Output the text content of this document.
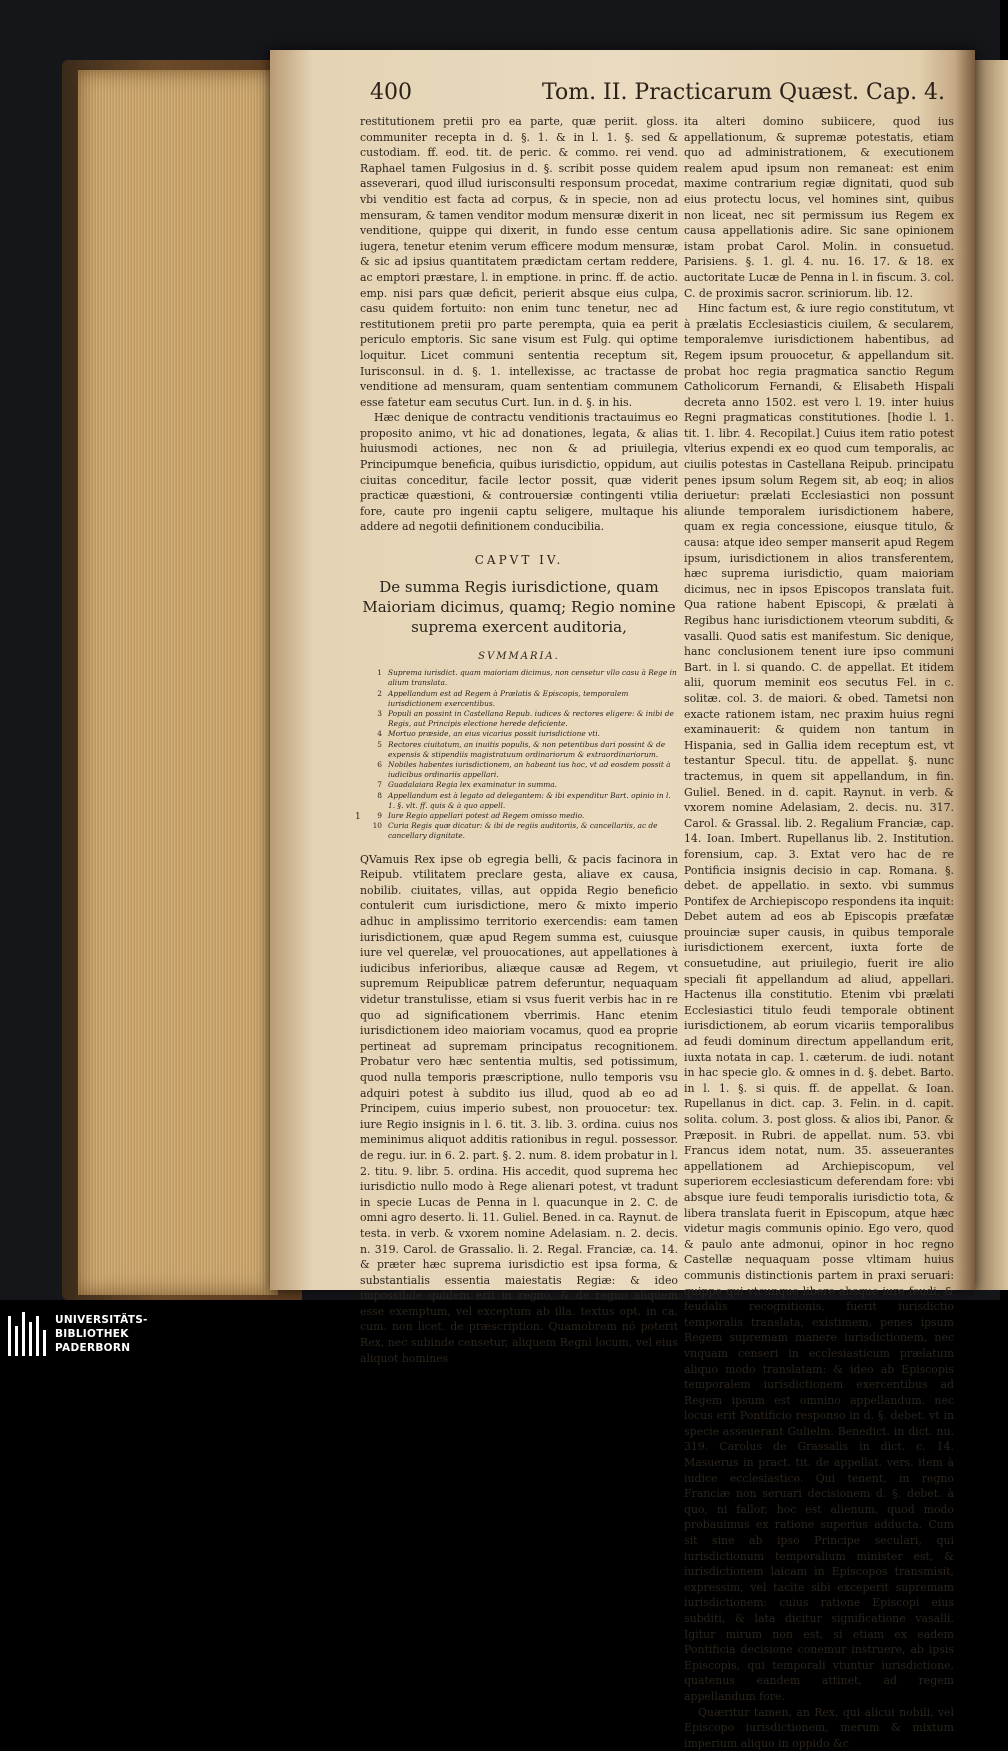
400	Tom. II. Practicarum Quæst. Cap. 4.

restitutionem pretii pro ea parte, quæ periit. gloss. communiter recepta in d. §. 1. & in l. 1. §. sed & custodiam. ff. eod. tit. de peric. & commo. rei vend. Raphael tamen Fulgosius in d. §. scribit posse quidem asseverari, quod illud iurisconsulti responsum procedat, vbi venditio est facta ad corpus, & in specie, non ad mensuram, & tamen venditor modum mensuræ dixerit in venditione, quippe qui dixerit, in fundo esse centum iugera, tenetur etenim verum efficere modum mensuræ, & sic ad ipsius quantitatem prædictam certam reddere, ac emptori præstare, l. in emptione. in princ. ff. de actio. emp. nisi pars quæ deficit, perierit absque eius culpa, casu quidem fortuito: non enim tunc tenetur, nec ad restitutionem pretii pro parte perempta, quia ea perit periculo emptoris. Sic sane visum est Fulg. qui optime loquitur. Licet communi sententia receptum sit, Iurisconsul. in d. §. 1. intellexisse, ac tractasse de venditione ad mensuram, quam sententiam communem esse fatetur eam secutus Curt. Iun. in d. §. in his.

Hæc denique de contractu venditionis tractauimus eo proposito animo, vt hic ad donationes, legata, & alias huiusmodi actiones, nec non & ad priuilegia, Principumque beneficia, quibus iurisdictio, oppidum, aut ciuitas conceditur, facile lector possit, quæ viderit practicæ quæstioni, & controuersiæ contingenti vtilia fore, caute pro ingenii captu seligere, multaque his addere ad negotii definitionem conducibilia.

CAPVT IV.

De summa Regis iurisdictione, quam Maioriam dicimus, quamq; Regio nomine suprema exercent auditoria,

SVMMARIA.

1 Suprema iurisdict. quam maioriam dicimus, non censetur vllo casu à Rege in alium translata.
2 Appellandum est ad Regem à Prælatis & Episcopis, temporalem iurisdictionem exercentibus.
3 Populi an possint in Castellana Repub. iudices & rectores eligere: & inibi de Regis, aut Principis electione herede deficiente.
4 Mortuo præside, an eius vicarius possit iurisdictione vti.
5 Rectores ciuitatum, an inuitis populis, & non petentibus dari possint & de expensis & stipendiis magistratuum ordinariorum & extraordinariorum.
6 Nobiles habentes iurisdictionem, an habeant ius hoc, vt ad eosdem possit à iudicibus ordinariis appellari.
7 Guadalaiara Regia lex examinatur in summa.
8 Appellandum est à legato ad delegantem: & ibi expenditur Bart. opinio in l. 1. §. vlt. ff. quis & à quo appell.
9 Iure Regio appellari potest ad Regem omisso medio.
10 Curia Regis quæ dicatur: & ibi de regiis auditoriis, & cancellariis, ac de cancellary dignitate.

QVamuis Rex ipse ob egregia belli, & pacis facinora in Reipub. vtilitatem preclare gesta, aliave ex causa, nobilib. ciuitates, villas, aut oppida Regio beneficio contulerit cum iurisdictione, mero & mixto imperio adhuc in amplissimo territorio exercendis: eam tamen iurisdictionem, quæ apud Regem summa est, cuiusque iure vel querelæ, vel prouocationes, aut appellationes à iudicibus inferioribus, aliæque causæ ad Regem, vt supremum Reipublicæ patrem deferuntur, nequaquam videtur transtulisse, etiam si vsus fuerit verbis hac in re quo ad significationem vberrimis. Hanc etenim iurisdictionem ideo maioriam vocamus, quod ea proprie pertineat ad supremam principatus recognitionem. Probatur vero hæc sententia multis, sed potissimum, quod nulla temporis præscriptione, nullo temporis vsu adquiri potest à subdito ius illud, quod ab eo ad Principem, cuius imperio subest, non prouocetur: tex. iure Regio insignis in l. 6. tit. 3. lib. 3. ordina. cuius nos meminimus aliquot additis rationibus in regul. possessor. de regu. iur. in 6. 2. part. §. 2. num. 8. idem probatur in l. 2. titu. 9. libr. 5. ordina. His accedit, quod suprema hec iurisdictio nullo modo à Rege alienari potest, vt tradunt in specie Lucas de Penna in l. quacunque in 2. C. de omni agro deserto. li. 11. Guliel. Bened. in ca. Raynut. de testa. in verb. & vxorem nomine Adelasiam. n. 2. decis. n. 319. Carol. de Grassalio. li. 2. Regal. Franciæ, ca. 14. & præter hæc suprema iurisdictio est ipsa forma, & substantialis essentia maiestatis Regiæ: & ideo impossibile quidem erit in regno, & de regno aliquem esse exemptum, vel exceptum ab illa. textus opt. in ca. cum. non licet. de præscription. Quamobrem nó poterit Rex, nec subinde censetur, aliquem Regni locum, vel eius aliquot homines

1

ita alteri domino subiicere, quod ius appellationum, & supremæ potestatis, etiam quo ad administrationem, & executionem realem apud ipsum non remaneat: est enim maxime contrarium regiæ dignitati, quod sub eius protectu locus, vel homines sint, quibus non liceat, nec sit permissum ius Regem ex causa appellationis adire. Sic sane opinionem istam probat Carol. Molin. in consuetud. Parisiens. §. 1. gl. 4. nu. 16. 17. & 18. ex auctoritate Lucæ de Penna in l. in fiscum. 3. col. C. de proximis sacror. scriniorum. lib. 12.

Hinc factum est, & iure regio constitutum, vt à prælatis Ecclesiasticis ciuilem, & secularem, temporalemve iurisdictionem habentibus, ad Regem ipsum prouocetur, & appellandum sit. probat hoc regia pragmatica sanctio Regum Catholicorum Fernandi, & Elisabeth Hispali decreta anno 1502. est vero l. 19. inter huius Regni pragmaticas constitutiones. [hodie l. 1. tit. 1. libr. 4. Recopilat.] Cuius item ratio potest vlterius expendi ex eo quod cum temporalis, ac ciuilis potestas in Castellana Reipub. principatu penes ipsum solum Regem sit, ab eoq; in alios deriuetur: prælati Ecclesiastici non possunt aliunde temporalem iurisdictionem habere, quam ex regia concessione, eiusque titulo, & causa: atque ideo semper manserit apud Regem ipsum, iurisdictionem in alios transferentem, hæc suprema iurisdictio, quam maioriam dicimus, nec in ipsos Episcopos translata fuit. Qua ratione habent Episcopi, & prælati à Regibus hanc iurisdictionem vteorum subditi, & vasalli. Quod satis est manifestum. Sic denique, hanc conclusionem tenent iure ipso communi Bart. in l. si quando. C. de appellat. Et itidem alii, quorum meminit eos secutus Fel. in c. solitæ. col. 3. de maiori. & obed. Tametsi non exacte rationem istam, nec praxim huius regni examinauerit: & quidem non tantum in Hispania, sed in Gallia idem receptum est, vt testantur Specul. titu. de appellat. §. nunc tractemus, in quem sit appellandum, in fin. Guliel. Bened. in d. capit. Raynut. in verb. & vxorem nomine Adelasiam, 2. decis. nu. 317. Carol. & Grassal. lib. 2. Regalium Franciæ, cap. 14. Ioan. Imbert. Rupellanus lib. 2. Institution. forensium, cap. 3. Extat vero hac de re Pontificia insignis decisio in cap. Romana. §. debet. de appellatio. in sexto. vbi summus Pontifex de Archiepiscopo respondens ita inquit: Debet autem ad eos ab Episcopis præfatæ prouinciæ super causis, in quibus temporale iurisdictionem exercent, iuxta forte de consuetudine, aut priuilegio, fuerit ire alio speciali fit appellandum ad aliud, appellari. Hactenus illa constitutio. Etenim vbi prælati Ecclesiastici titulo feudi temporale obtinent iurisdictionem, ab eorum vicariis temporalibus ad feudi dominum directum appellandum erit, iuxta notata in cap. 1. cæterum. de iudi. notant in hac specie glo. & omnes in d. §. debet. Barto. in l. 1. §. si quis. ff. de appellat. & Ioan. Rupellanus in dict. cap. 3. Felin. in d. capit. solita. colum. 3. post gloss. & alios ibi, Panor. & Præposit. in Rubri. de appellat. num. 53. vbi Francus idem notat, num. 35. asseuerantes appellationem ad Archiepiscopum, vel superiorem ecclesiasticum deferendam fore: vbi absque iure feudi temporalis iurisdictio tota, & libera translata fuerit in Episcopum, atque hæc videtur magis communis opinio. Ego vero, quod & paulo ante admonui, opinor in hoc regno Castellæ nequaquam posse vltimam huius communis distinctionis partem in praxi seruari: quippe qui vtcunque libere absque iure feudi, & feudalis recognitionis, fuerit iurisdictio temporalis translata, existimem, penes ipsum Regem supremam manere iurisdictionem, nec vnquam censeri in ecclesiasticum prælatum aliquo modo translatam: & ideo ab Episcopis temporalem iurisdictionem exercentibus ad Regem ipsum est omnino appellandum. nec locus erit Pontificio responso in d. §. debet. vt in specie asseuerant Gulielm. Benedict. in dict. nu. 319. Carolus de Grassalis in dict. c. 14. Masuerus in pract. tit. de appellat. vers. item à iudice ecclesiastico. Qui tenent, in regno Franciæ non seruari decisionem d. §. debet. à quo, ni fallor, hoc est alienum, quod modo probauimus ex ratione superius adducta. Cum sit sine ab ipso Principe seculari, qui iurisdictionum temporalium minister est, & iurisdictionem laicam in Episcopos transmisit, expressim, vel tacite sibi exceperit supremam iurisdictionem: cuius ratione Episcopi eius subditi, & lata dicitur significatione vasalli. Igitur mirum non est, si etiam ex eadem Pontificia decisione conemur instruere, ab ipsis Episcopis, qui temporali vtuntur iurisdictione, quatenus eandem attinet, ad regem appellandum fore.

Quæritur tamen, an Rex, qui alicui nobili, vel Episcopo iurisdictionem, merum & mixtum imperium aliquo in oppido &c

UNIVERSITÄTS-
BIBLIOTHEK
PADERBORN
